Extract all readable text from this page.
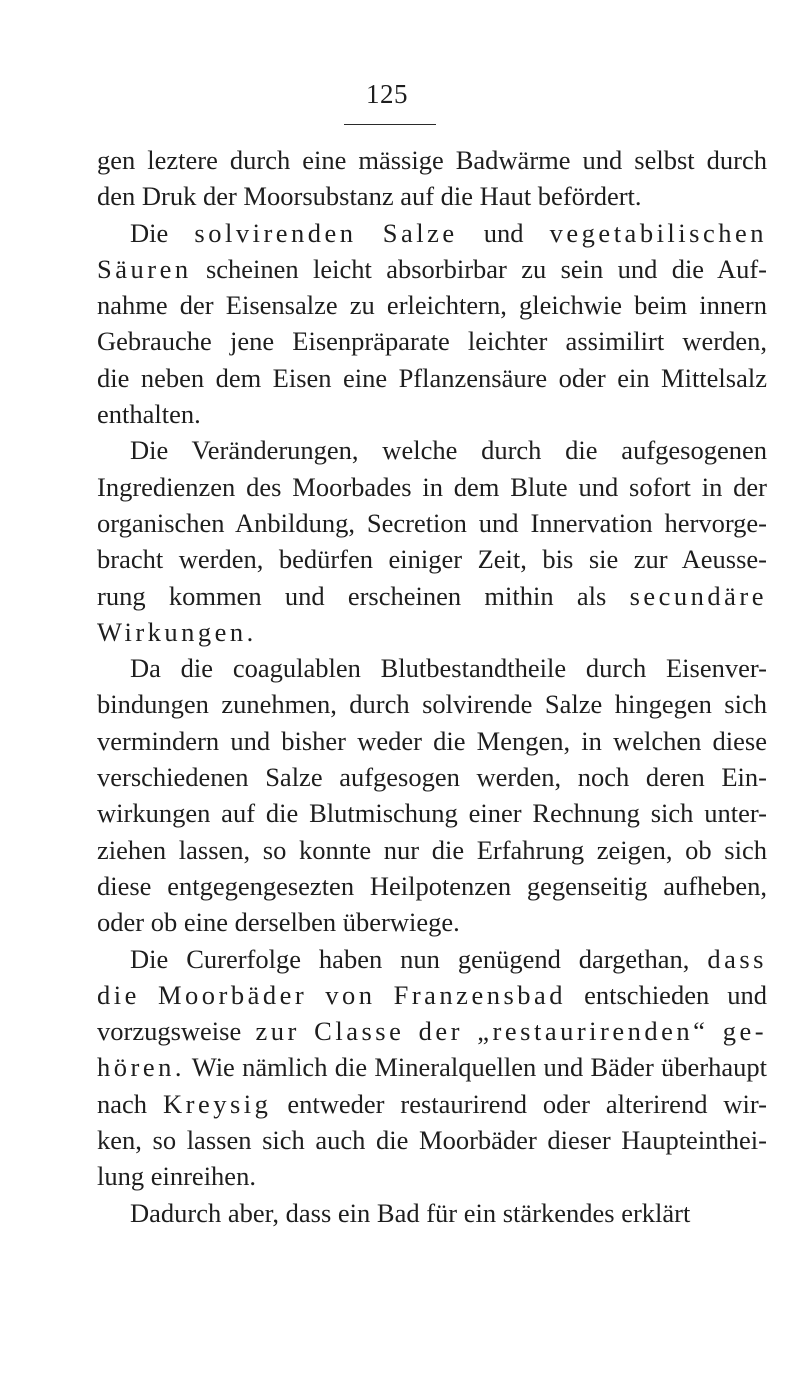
125
gen leztere durch eine mässige Badwärme und selbst durch
den Druk der Moorsubstanz auf die Haut befördert.
Die solvirenden Salze und vegetabilischen
Säuren scheinen leicht absorbirbar zu sein und die Auf-
nahme der Eisensalze zu erleichtern, gleichwie beim innern
Gebrauche jene Eisenpräparate leichter assimilirt werden,
die neben dem Eisen eine Pflanzensäure oder ein Mittelsalz
enthalten.
Die Veränderungen, welche durch die aufgesogenen
Ingredienzen des Moorbades in dem Blute und sofort in der
organischen Anbildung, Secretion und Innervation hervorge-
bracht werden, bedürfen einiger Zeit, bis sie zur Aeusse-
rung kommen und erscheinen mithin als secundäre
Wirkungen.
Da die coagulablen Blutbestandtheile durch Eisenver-
bindungen zunehmen, durch solvirende Salze hingegen sich
vermindern und bisher weder die Mengen, in welchen diese
verschiedenen Salze aufgesogen werden, noch deren Ein-
wirkungen auf die Blutmischung einer Rechnung sich unter-
ziehen lassen, so konnte nur die Erfahrung zeigen, ob sich
diese entgegengesezten Heilpotenzen gegenseitig aufheben,
oder ob eine derselben überwiege.
Die Curerfolge haben nun genügend dargethan, dass
die Moorbäder von Franzensbad entschieden und
vorzugsweise zur Classe der „restaurirenden“ ge-
hören. Wie nämlich die Mineralquellen und Bäder überhaupt
nach Kreysig entweder restaurirend oder alterirend wir-
ken, so lassen sich auch die Moorbäder dieser Haupteinthei-
lung einreihen.
Dadurch aber, dass ein Bad für ein stärkendes erklärt
